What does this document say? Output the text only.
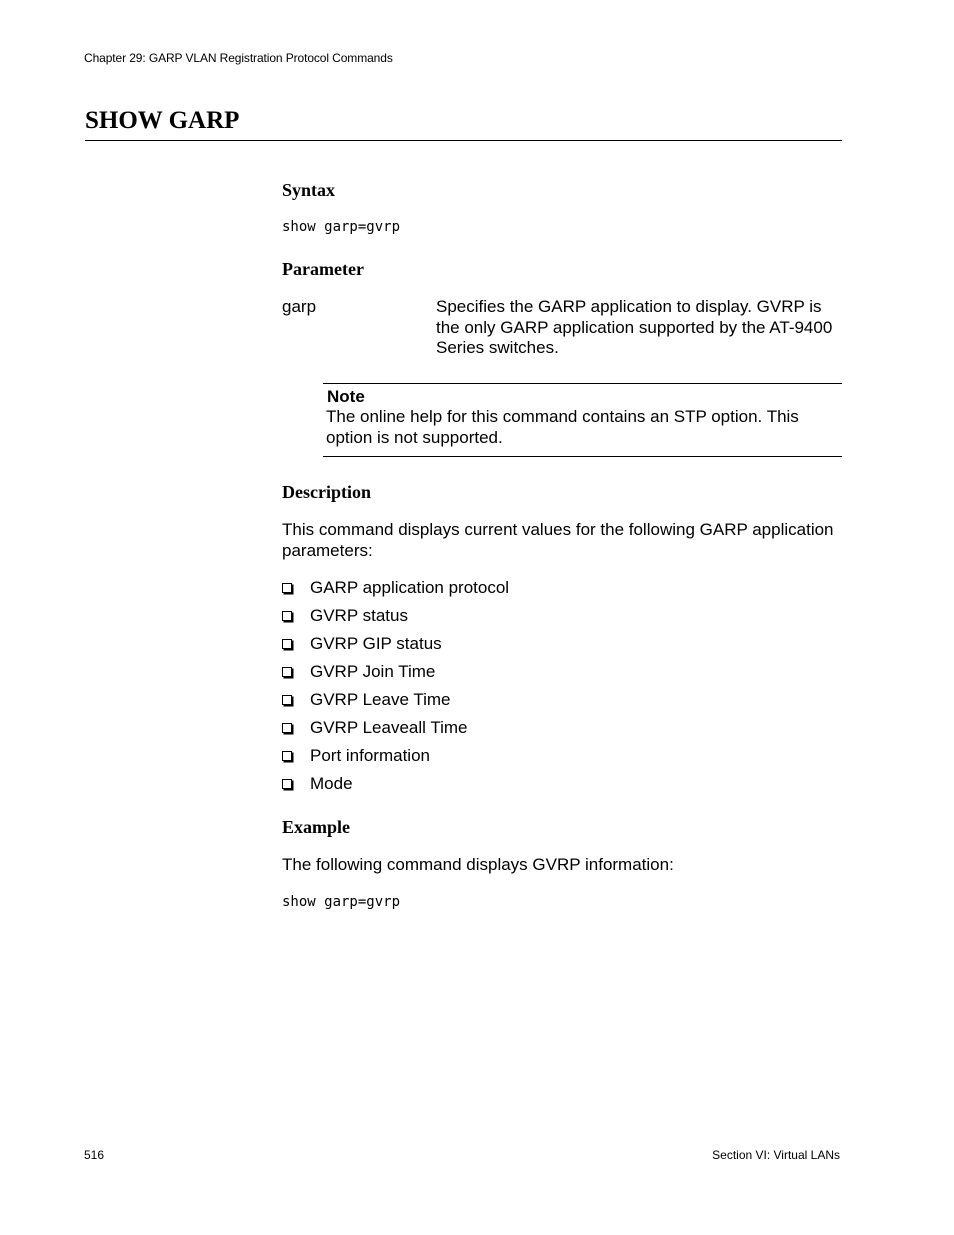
Chapter 29: GARP VLAN Registration Protocol Commands
SHOW GARP
Syntax
show garp=gvrp
Parameter
garp	Specifies the GARP application to display. GVRP is the only GARP application supported by the AT-9400 Series switches.
Note
The online help for this command contains an STP option. This option is not supported.
Description
This command displays current values for the following GARP application parameters:
GARP application protocol
GVRP status
GVRP GIP status
GVRP Join Time
GVRP Leave Time
GVRP Leaveall Time
Port information
Mode
Example
The following command displays GVRP information:
show garp=gvrp
516	Section VI: Virtual LANs
